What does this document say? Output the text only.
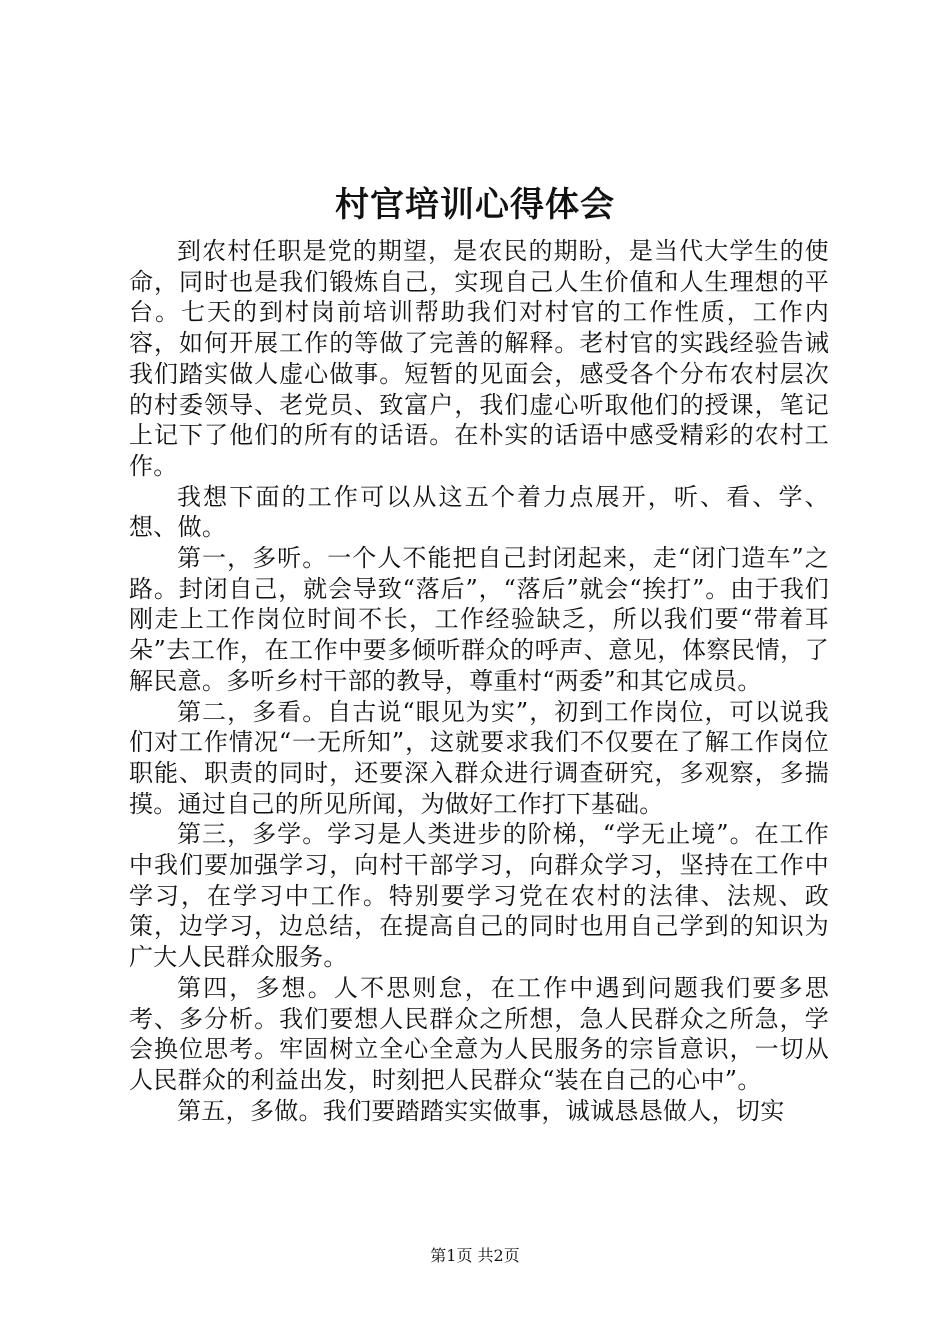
村官培训心得体会

到农村任职是党的期望，是农民的期盼，是当代大学生的使命，同时也是我们锻炼自己，实现自己人生价值和人生理想的平台。七天的到村岗前培训帮助我们对村官的工作性质，工作内容，如何开展工作的等做了完善的解释。老村官的实践经验告诫我们踏实做人虚心做事。短暂的见面会，感受各个分布农村层次的村委领导、老党员、致富户，我们虚心听取他们的授课，笔记上记下了他们的所有的话语。在朴实的话语中感受精彩的农村工作。

我想下面的工作可以从这五个着力点展开，听、看、学、想、做。

第一，多听。一个人不能把自己封闭起来，走“闭门造车”之路。封闭自己，就会导致“落后”，“落后”就会“挨打”。由于我们刚走上工作岗位时间不长，工作经验缺乏，所以我们要“带着耳朵”去工作，在工作中要多倾听群众的呼声、意见，体察民情，了解民意。多听乡村干部的教导，尊重村“两委”和其它成员。

第二，多看。自古说“眼见为实”，初到工作岗位，可以说我们对工作情况“一无所知”，这就要求我们不仅要在了解工作岗位职能、职责的同时，还要深入群众进行调查研究，多观察，多揣摸。通过自己的所见所闻，为做好工作打下基础。

第三，多学。学习是人类进步的阶梯，“学无止境”。在工作中我们要加强学习，向村干部学习，向群众学习，坚持在工作中学习，在学习中工作。特别要学习党在农村的法律、法规、政策，边学习，边总结，在提高自己的同时也用自己学到的知识为广大人民群众服务。

第四，多想。人不思则怠，在工作中遇到问题我们要多思考、多分析。我们要想人民群众之所想，急人民群众之所急，学会换位思考。牢固树立全心全意为人民服务的宗旨意识，一切从人民群众的利益出发，时刻把人民群众“装在自己的心中”。

第五，多做。我们要踏踏实实做事，诚诚恳恳做人，切实

第1页 共2页
